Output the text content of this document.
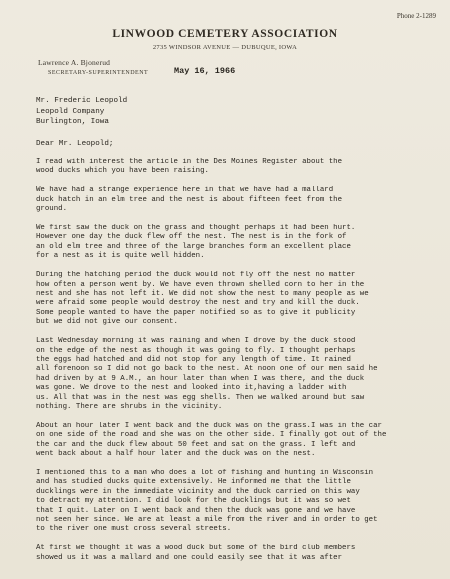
Phone 2-1289
LINWOOD CEMETERY ASSOCIATION
2735 WINDSOR AVENUE — DUBUQUE, IOWA
Lawrence A. Bjonerud
SECRETARY-SUPERINTENDENT	May 16, 1966
Mr. Frederic Leopold
Leopold Company
Burlington, Iowa
Dear Mr. Leopold;

I read with interest the article in the Des Moines Register about the
wood ducks which you have been raising.

We have had a strange experience here in that we have had a mallard
duck hatch in an elm tree and the nest is about fifteen feet from the
ground.

We first saw the duck on the grass and thought perhaps it had been hurt.
However one day the duck flew off the nest. The nest is in the fork of
an old elm tree and three of the large branches form an excellent place
for a nest as it is quite well hidden.

During the hatching period the duck would not fly off the nest no matter
how often a person went by. We have even thrown shelled corn to her in the
nest and she has not left it. We did not show the nest to many people as we
were afraid some people would destroy the nest and try and kill the duck.
Some people wanted to have the paper notified so as to give it publicity
but we did not give our consent.

Last Wednesday morning it was raining and when I drove by the duck stood
on the edge of the nest as though it was going to fly. I thought perhaps
the eggs had hatched and did not stop for any length of time. It rained
all forenoon so I did not go back to the nest. At noon one of our men said he
had driven by at 9 A.M., an hour later than when I was there, and the duck
was gone. We drove to the nest and looked into it,having a ladder with
us. All that was in the nest was egg shells. Then we walked around but saw
nothing. There are shrubs in the vicinity.

About an hour later I went back and the duck was on the grass.I was in the car
on one side of the road and she was on the other side. I finally got out of the
the car and the duck flew about 50 feet and sat on the grass. I left and
went back about a half hour later and the duck was on the nest.

I mentioned this to a man who does a lot of fishing and hunting in Wisconsin
and has studied ducks quite extensively. He informed me that the little
ducklings were in the immediate vicinity and the duck carried on this way
to detract my attention. I did look for the ducklings but it was so wet
that I quit. Later on I went back and then the duck was gone and we have
not seen her since. We are at least a mile from the river and in order to get
to the river one must cross several streets.

At first we thought it was a wood duck but some of the bird club members
showed us it was a mallard and one could easily see that it was after
